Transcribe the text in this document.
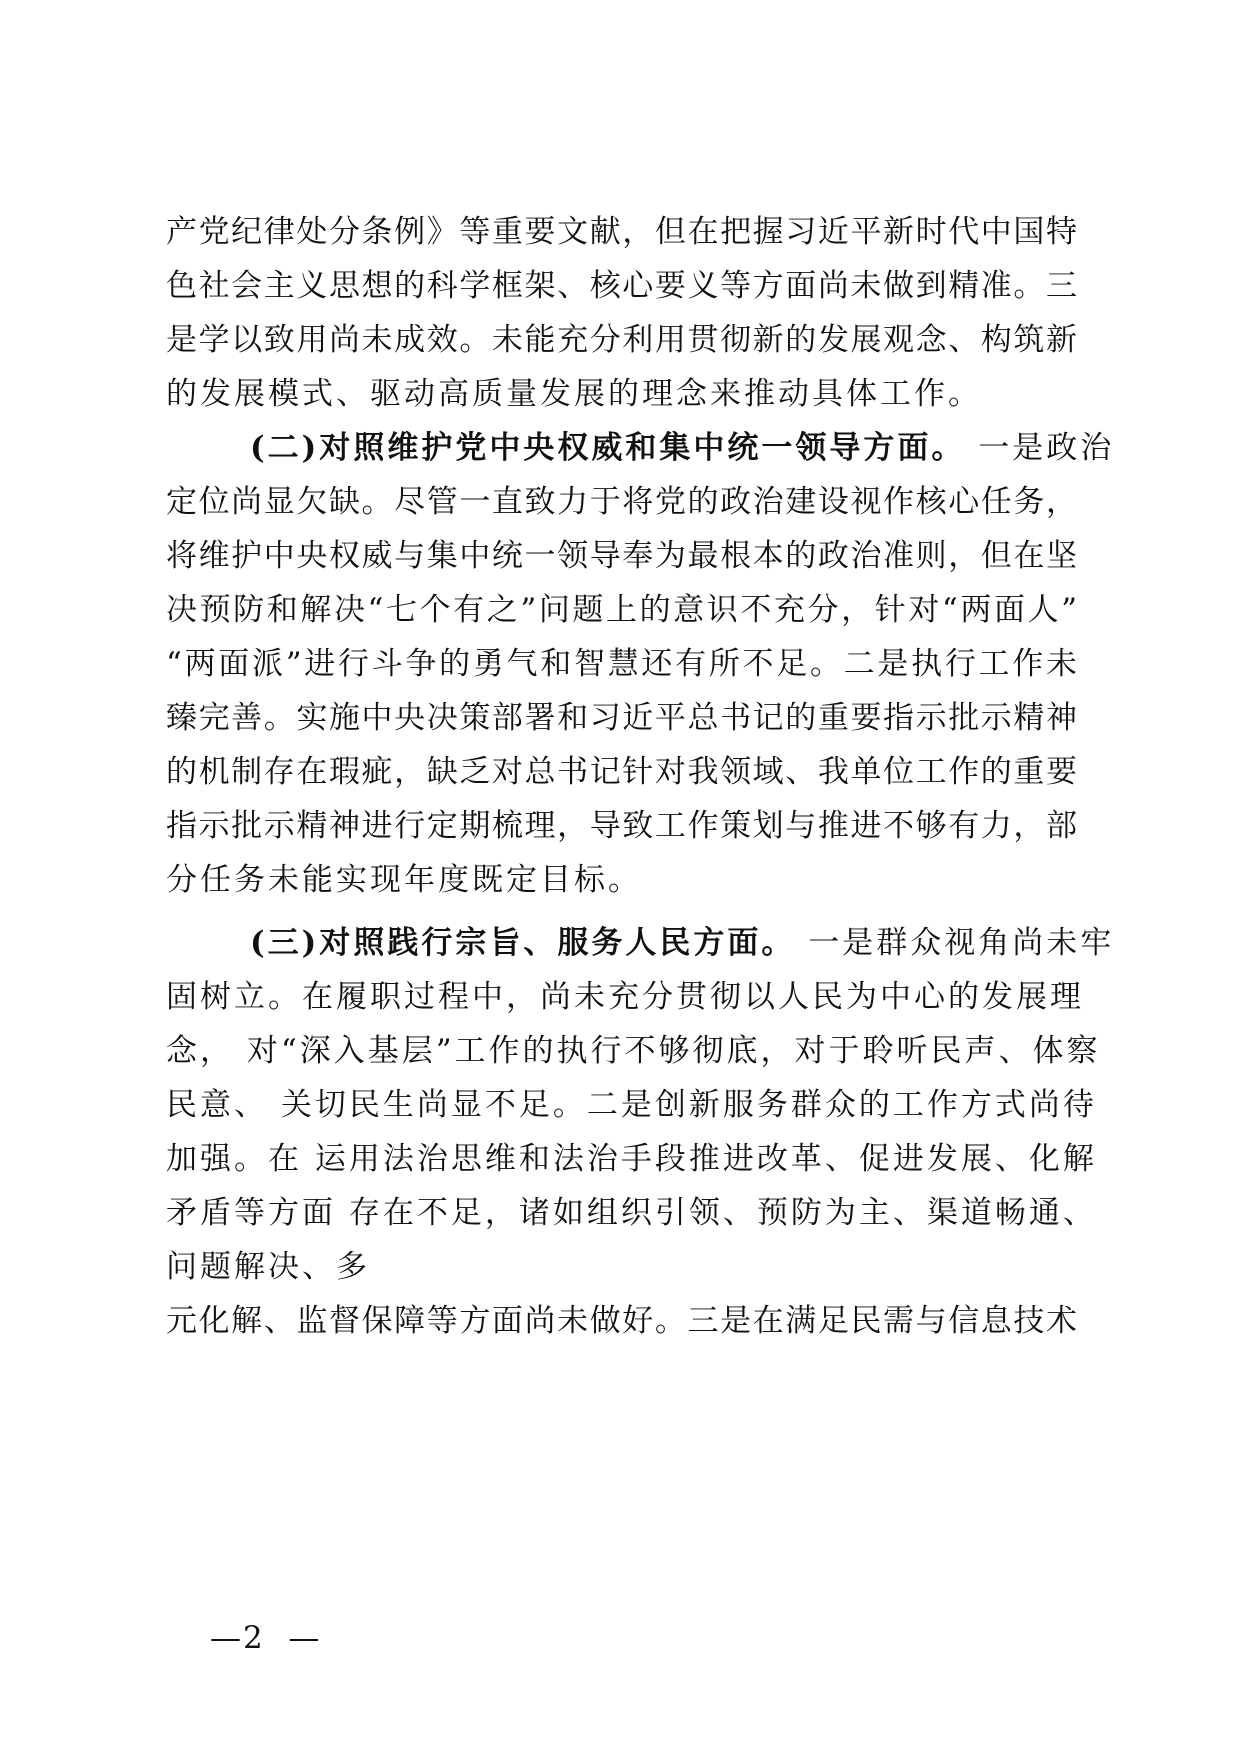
产党纪律处分条例》等重要文献，但在把握习近平新时代中国特
色社会主义思想的科学框架、核心要义等方面尚未做到精准。三
是学以致用尚未成效。未能充分利用贯彻新的发展观念、构筑新
的发展模式、驱动高质量发展的理念来推动具体工作。
(二)对照维护党中央权威和集中统一领导方面。 一是政治
定位尚显欠缺。尽管一直致力于将党的政治建设视作核心任务，
将维护中央权威与集中统一领导奉为最根本的政治准则，但在坚
决预防和解决“七个有之”问题上的意识不充分，针对“两面人”
“两面派”进行斗争的勇气和智慧还有所不足。二是执行工作未
臻完善。实施中央决策部署和习近平总书记的重要指示批示精神
的机制存在瑕疵，缺乏对总书记针对我领域、我单位工作的重要
指示批示精神进行定期梳理，导致工作策划与推进不够有力，部
分任务未能实现年度既定目标。
(三)对照践行宗旨、服务人民方面。 一是群众视角尚未牢
固树立。在履职过程中，尚未充分贯彻以人民为中心的发展理
念， 对“深入基层”工作的执行不够彻底，对于聆听民声、体察
民意、 关切民生尚显不足。二是创新服务群众的工作方式尚待
加强。在 运用法治思维和法治手段推进改革、促进发展、化解
矛盾等方面 存在不足，诸如组织引领、预防为主、渠道畅通、
问题解决、多
元化解、监督保障等方面尚未做好。三是在满足民需与信息技术
—2  —
